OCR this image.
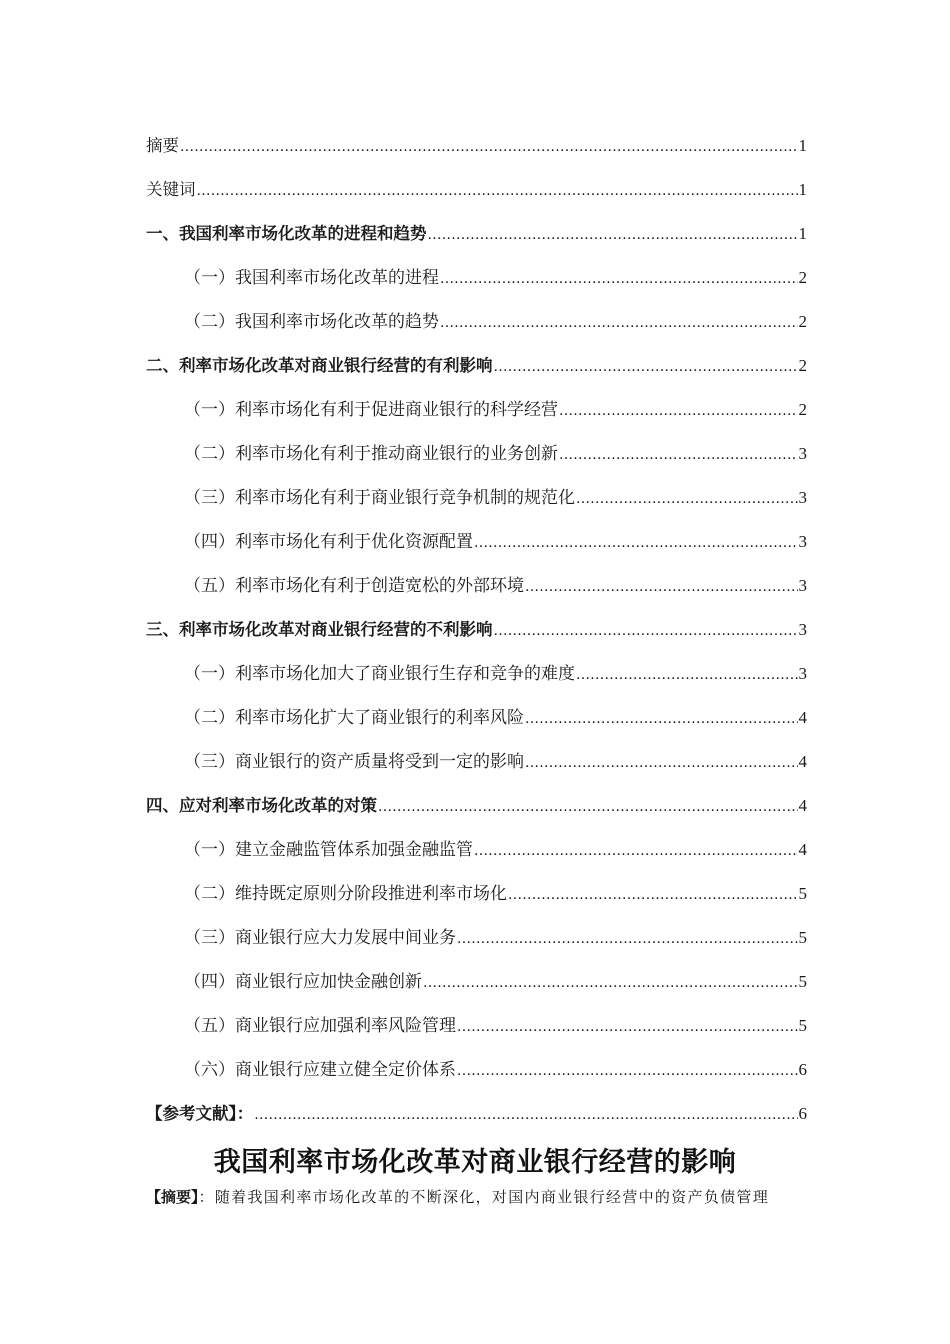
摘要 .....	1
关键词 .....	1
一、我国利率市场化改革的进程和趋势 .....	1
（一）我国利率市场化改革的进程 .....	2
（二）我国利率市场化改革的趋势 .....	2
二、利率市场化改革对商业银行经营的有利影响 .....	2
（一）利率市场化有利于促进商业银行的科学经营 .....	2
（二）利率市场化有利于推动商业银行的业务创新 .....	3
（三）利率市场化有利于商业银行竞争机制的规范化 .....	3
（四）利率市场化有利于优化资源配置 .....	3
（五）利率市场化有利于创造宽松的外部环境 .....	3
三、利率市场化改革对商业银行经营的不利影响 .....	3
（一）利率市场化加大了商业银行生存和竞争的难度 .....	3
（二）利率市场化扩大了商业银行的利率风险 .....	4
（三）商业银行的资产质量将受到一定的影响 .....	4
四、应对利率市场化改革的对策 .....	4
（一）建立金融监管体系加强金融监管 .....	4
（二）维持既定原则分阶段推进利率市场化 .....	5
（三）商业银行应大力发展中间业务 .....	5
（四）商业银行应加快金融创新 .....	5
（五）商业银行应加强利率风险管理 .....	5
（六）商业银行应建立健全定价体系 .....	6
【参考文献】： .....	6
我国利率市场化改革对商业银行经营的影响
【摘要】：随着我国利率市场化改革的不断深化，对国内商业银行经营中的资产负债管理
